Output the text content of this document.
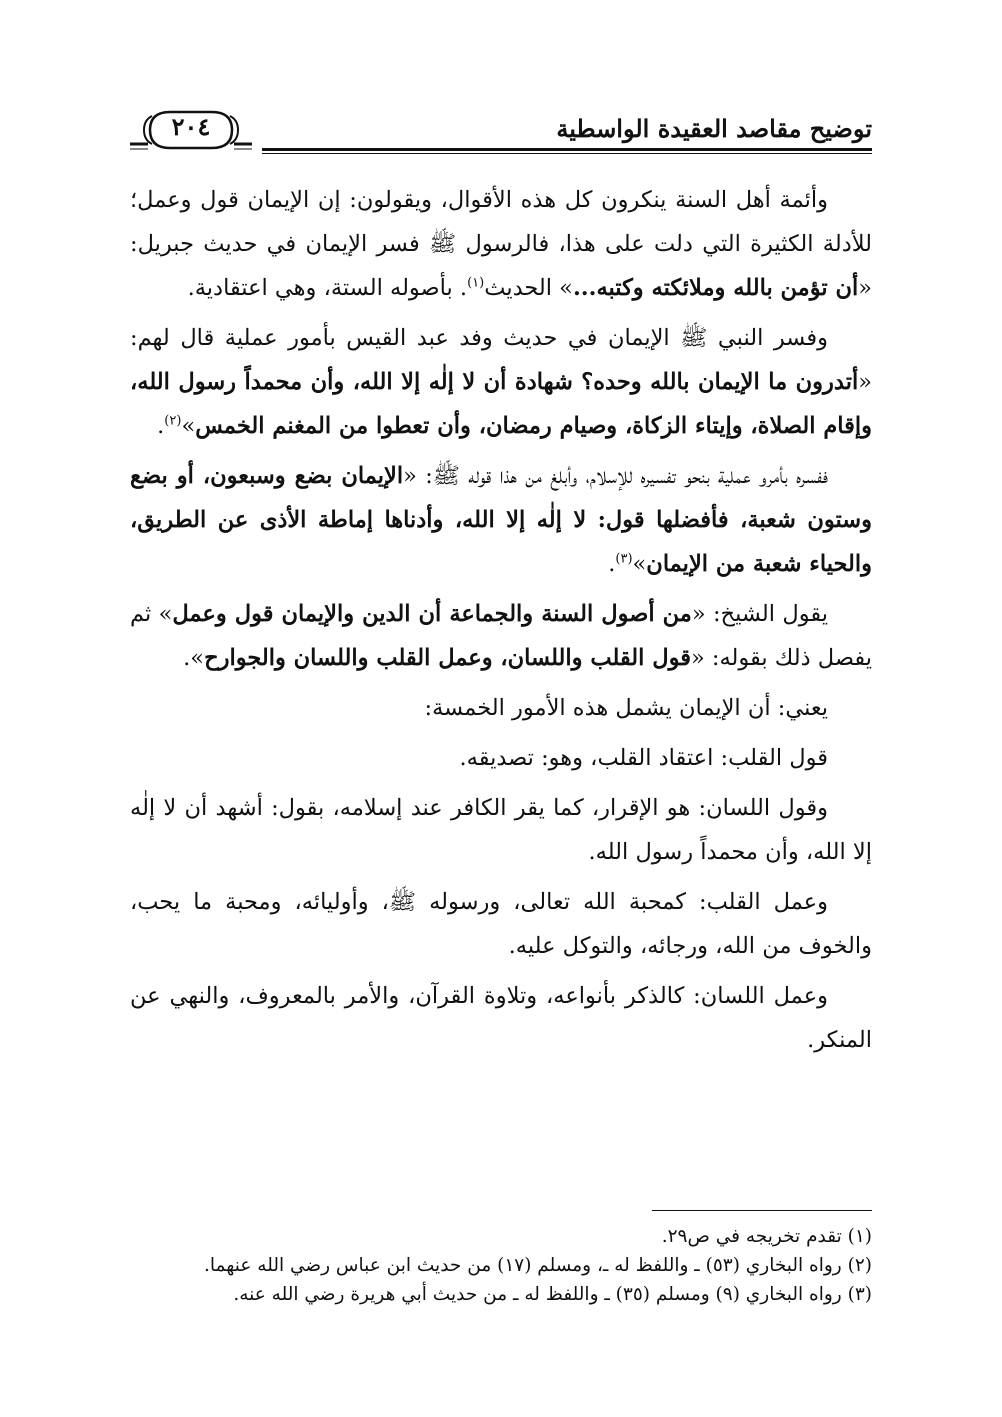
٢٠٤	توضيح مقاصد العقيدة الواسطية

وأئمة أهل السنة ينكرون كل هذه الأقوال، ويقولون: إن الإيمان قول وعمل؛ للأدلة الكثيرة التي دلت على هذا، فالرسول ﷺ فسر الإيمان في حديث جبريل: «أن تؤمن بالله وملائكته وكتبه...» الحديث$^{(١)}$. بأصوله الستة، وهي اعتقادية.

وفسر النبي ﷺ الإيمان في حديث وفد عبد القيس بأمور عملية قال لهم: «أتدرون ما الإيمان بالله وحده؟ شهادة أن لا إلٰه إلا الله، وأن محمداً رسول الله، وإقام الصلاة، وإيتاء الزكاة، وصيام رمضان، وأن تعطوا من المغنم الخمس»$^{(٢)}$.

ففسره بأمرو عملية بنحو تفسيره للإسلام، وأبلغ من هذا قوله ﷺ: «الإيمان بضع وسبعون، أو بضع وستون شعبة، فأفضلها قول: لا إلٰه إلا الله، وأدناها إماطة الأذى عن الطريق، والحياء شعبة من الإيمان»$^{(٣)}$.

يقول الشيخ: «من أصول السنة والجماعة أن الدين والإيمان قول وعمل» ثم يفصل ذلك بقوله: «قول القلب واللسان، وعمل القلب واللسان والجوارح».

يعني: أن الإيمان يشمل هذه الأمور الخمسة:

قول القلب: اعتقاد القلب، وهو: تصديقه.

وقول اللسان: هو الإقرار، كما يقر الكافر عند إسلامه، بقول: أشهد أن لا إلٰه إلا الله، وأن محمداً رسول الله.

وعمل القلب: كمحبة الله تعالى، ورسوله ﷺ، وأوليائه، ومحبة ما يحب، والخوف من الله، ورجائه، والتوكل عليه.

وعمل اللسان: كالذكر بأنواعه، وتلاوة القرآن، والأمر بالمعروف، والنهي عن المنكر.

(١) تقدم تخريجه في ص٢٩.
(٢) رواه البخاري (٥٣) ـ واللفظ له ـ، ومسلم (١٧) من حديث ابن عباس رضي الله عنهما.
(٣) رواه البخاري (٩) ومسلم (٣٥) ـ واللفظ له ـ من حديث أبي هريرة رضي الله عنه.
